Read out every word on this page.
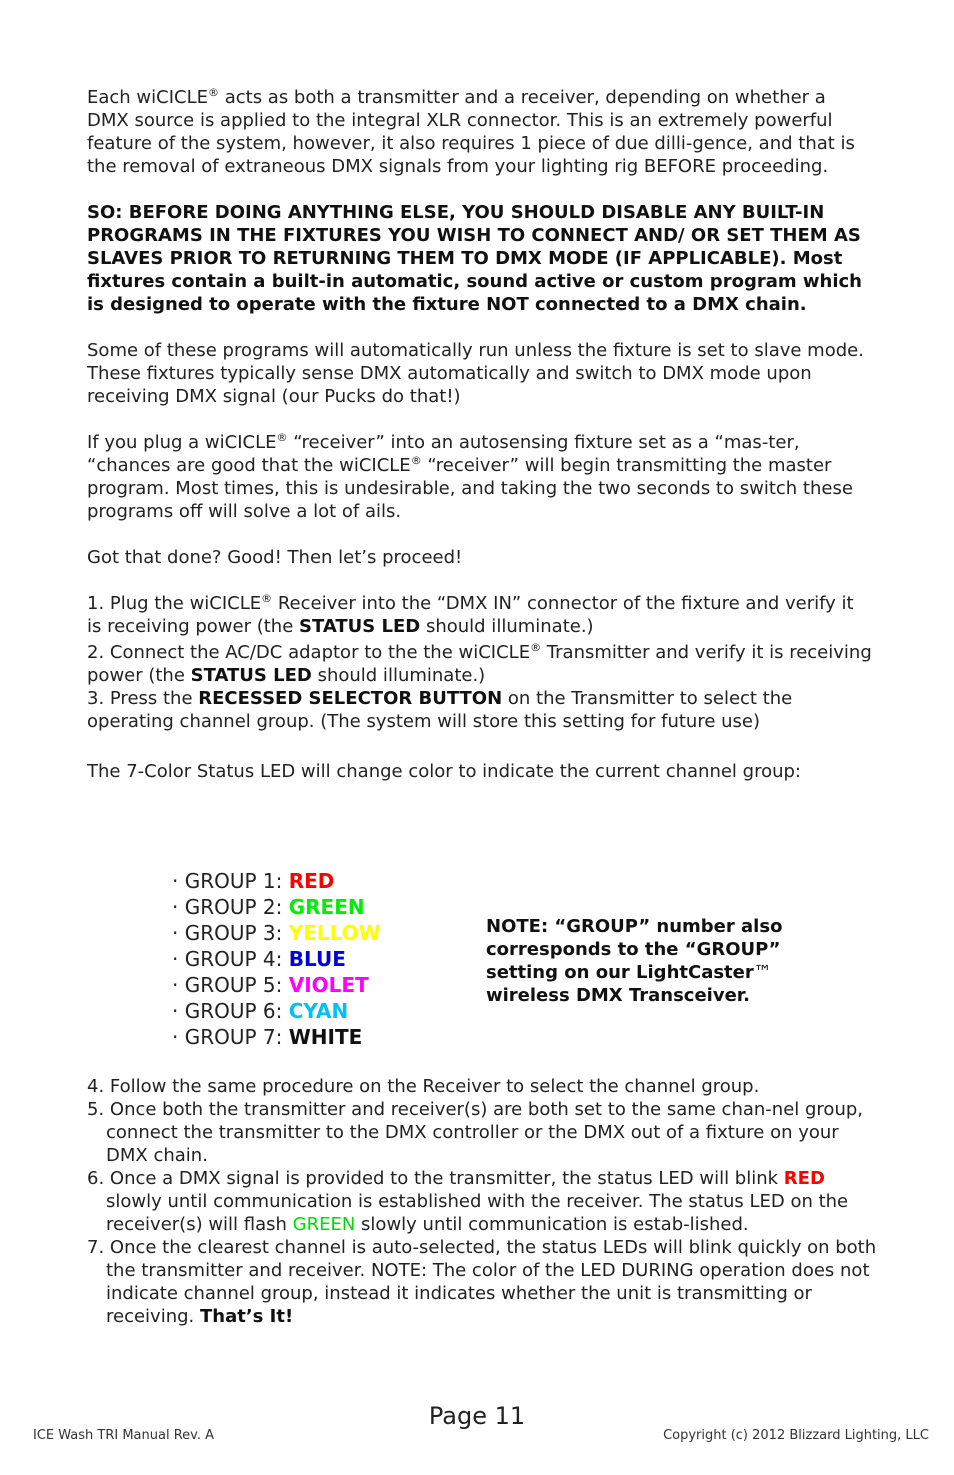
Each wiCICLE® acts as both a transmitter and a receiver, depending on whether a DMX source is applied to the integral XLR connector. This is an extremely powerful feature of the system, however, it also requires 1 piece of due dilli-gence, and that is the removal of extraneous DMX signals from your lighting rig BEFORE proceeding.

SO: BEFORE DOING ANYTHING ELSE, YOU SHOULD DISABLE ANY BUILT-IN PROGRAMS IN THE FIXTURES YOU WISH TO CONNECT AND/ OR SET THEM AS SLAVES PRIOR TO RETURNING THEM TO DMX MODE (IF APPLICABLE). Most fixtures contain a built-in automatic, sound active or custom program which is designed to operate with the fixture NOT connected to a DMX chain.

Some of these programs will automatically run unless the fixture is set to slave mode. These fixtures typically sense DMX automatically and switch to DMX mode upon receiving DMX signal (our Pucks do that!)

If you plug a wiCICLE® “receiver” into an autosensing fixture set as a “mas-ter, “chances are good that the wiCICLE® “receiver” will begin transmitting the master program. Most times, this is undesirable, and taking the two seconds to switch these programs off will solve a lot of ails.

Got that done? Good! Then let’s proceed!

1. Plug the wiCICLE® Receiver into the “DMX IN” connector of the fixture and verify it is receiving power (the STATUS LED should illuminate.)

2. Connect the AC/DC adaptor to the the wiCICLE® Transmitter and verify it is receiving power (the STATUS LED should illuminate.)

3. Press the RECESSED SELECTOR BUTTON on the Transmitter to select the operating channel group. (The system will store this setting for future use)

The 7-Color Status LED will change color to indicate the current channel group:

· GROUP 1: RED
· GROUP 2: GREEN
· GROUP 3: YELLOW
· GROUP 4: BLUE
· GROUP 5: VIOLET
· GROUP 6: CYAN
· GROUP 7: WHITE
NOTE: “GROUP” number also corresponds to the “GROUP” setting on our LightCaster™ wireless DMX Transceiver.

4. Follow the same procedure on the Receiver to select the channel group.

5. Once both the transmitter and receiver(s) are both set to the same chan-nel group, connect the transmitter to the DMX controller or the DMX out of a fixture on your DMX chain.

6. Once a DMX signal is provided to the transmitter, the status LED will blink RED slowly until communication is established with the receiver. The status LED on the receiver(s) will flash GREEN slowly until communication is estab-lished.

7. Once the clearest channel is auto-selected, the status LEDs will blink quickly on both the transmitter and receiver. NOTE: The color of the LED DURING operation does not indicate channel group, instead it indicates whether the unit is transmitting or receiving. That’s It!

Page 11
ICE Wash TRI Manual Rev. A	Copyright (c) 2012 Blizzard Lighting, LLC
